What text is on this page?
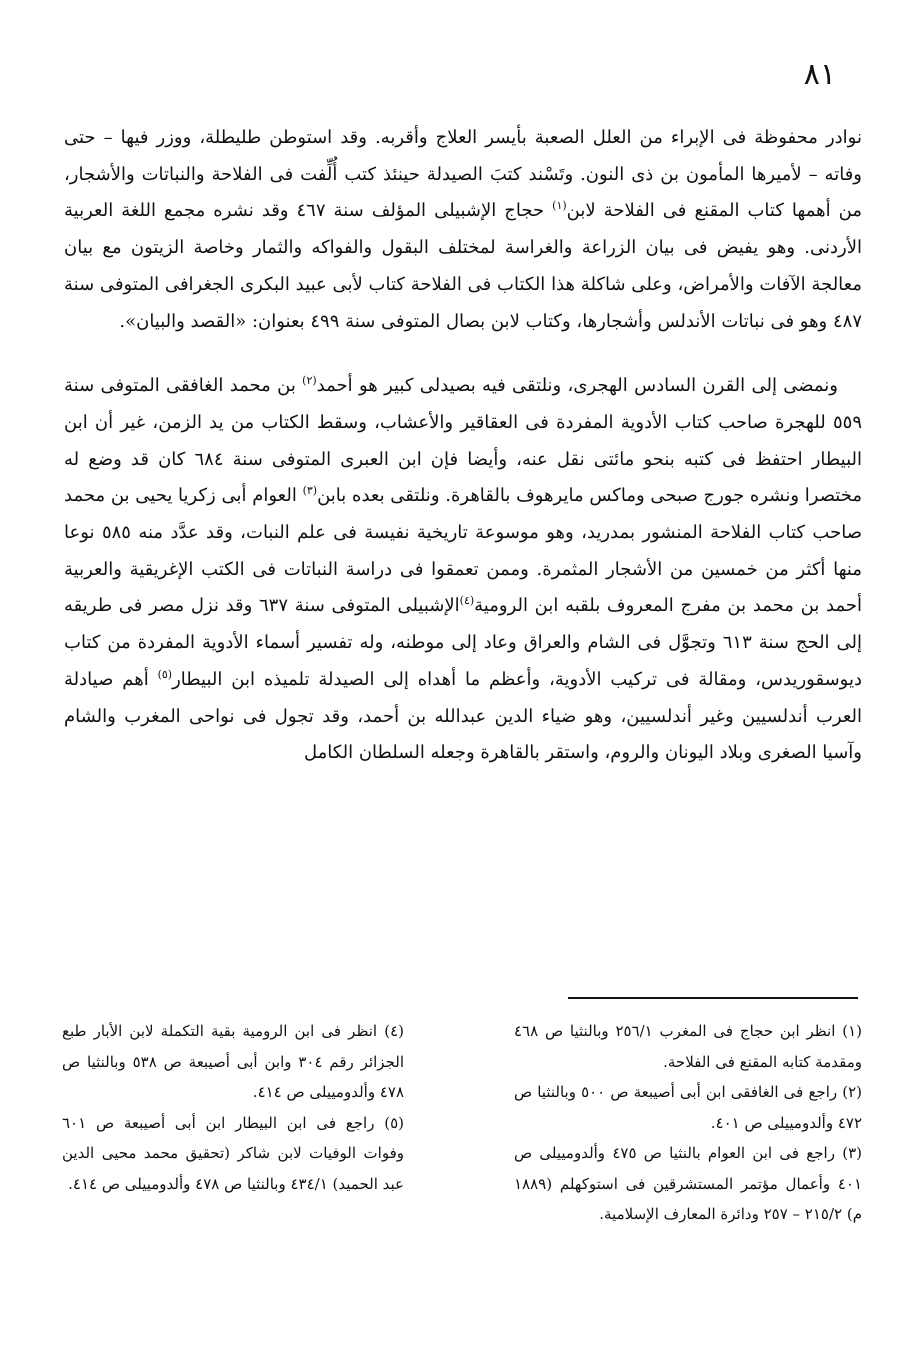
٨١

نوادر محفوظة فى الإبراء من العلل الصعبة بأيسر العلاج وأقربه. وقد استوطن طليطلة، ووزر فيها – حتى وفاته – لأميرها المأمون بن ذى النون. وتَسْند كتبَ الصيدلة حينئذ كتب أُلِّفت فى الفلاحة والنباتات والأشجار، من أهمها كتاب المقنع فى الفلاحة لابن$^{(١)}$ حجاج الإشبيلى المؤلف سنة ٤٦٧ وقد نشره مجمع اللغة العربية الأردنى. وهو يفيض فى بيان الزراعة والغراسة لمختلف البقول والفواكه والثمار وخاصة الزيتون مع بيان معالجة الآفات والأمراض، وعلى شاكلة هذا الكتاب فى الفلاحة كتاب لأبى عبيد البكرى الجغرافى المتوفى سنة ٤٨٧ وهو فى نباتات الأندلس وأشجارها، وكتاب لابن بصال المتوفى سنة ٤٩٩ بعنوان: «القصد والبيان».

ونمضى إلى القرن السادس الهجرى، ونلتقى فيه بصيدلى كبير هو أحمد$^{(٢)}$ بن محمد الغافقى المتوفى سنة ٥٥٩ للهجرة صاحب كتاب الأدوية المفردة فى العقاقير والأعشاب، وسقط الكتاب من يد الزمن، غير أن ابن البيطار احتفظ فى كتبه بنحو مائتى نقل عنه، وأيضا فإن ابن العبرى المتوفى سنة ٦٨٤ كان قد وضع له مختصرا ونشره جورج صبحى وماكس مايرهوف بالقاهرة. ونلتقى بعده بابن$^{(٣)}$ العوام أبى زكريا يحيى بن محمد صاحب كتاب الفلاحة المنشور بمدريد، وهو موسوعة تاريخية نفيسة فى علم النبات، وقد عدَّد منه ٥٨٥ نوعا منها أكثر من خمسين من الأشجار المثمرة. وممن تعمقوا فى دراسة النباتات فى الكتب الإغريقية والعربية أحمد بن محمد بن مفرج المعروف بلقبه ابن الرومية$^{(٤)}$الإشبيلى المتوفى سنة ٦٣٧ وقد نزل مصر فى طريقه إلى الحج سنة ٦١٣ وتجوَّل فى الشام والعراق وعاد إلى موطنه، وله تفسير أسماء الأدوية المفردة من كتاب ديوسقوريدس، ومقالة فى تركيب الأدوية، وأعظم ما أهداه إلى الصيدلة تلميذه ابن البيطار$^{(٥)}$ أهم صيادلة العرب أندلسيين وغير أندلسيين، وهو ضياء الدين عبدالله بن أحمد، وقد تجول فى نواحى المغرب والشام وآسيا الصغرى وبلاد اليونان والروم، واستقر بالقاهرة وجعله السلطان الكامل

(١) انظر ابن حجاج فى المغرب ٢٥٦/١ وبالنثيا ص ٤٦٨ ومقدمة كتابه المقنع فى الفلاحة.

(٢) راجع فى الغافقى ابن أبى أصيبعة ص ٥٠٠ وبالنثيا ص ٤٧٢ وألدومييلى ص ٤٠١.

(٣) راجع فى ابن العوام بالنثيا ص ٤٧٥ وألدومييلى ص ٤٠١ وأعمال مؤتمر المستشرقين فى استوكهلم (١٨٨٩ م) ٢١٥/٢ – ٢٥٧ ودائرة المعارف الإسلامية.

(٤) انظر فى ابن الرومية بقية التكملة لابن الأبار طبع الجزائر رقم ٣٠٤ وابن أبى أصيبعة ص ٥٣٨ وبالنثيا ص ٤٧٨ وألدومييلى ص ٤١٤.

(٥) راجع فى ابن البيطار ابن أبى أصيبعة ص ٦٠١ وفوات الوفيات لابن شاكر (تحقيق محمد محيى الدين عبد الحميد) ٤٣٤/١ وبالنثيا ص ٤٧٨ وألدومييلى ص ٤١٤.
